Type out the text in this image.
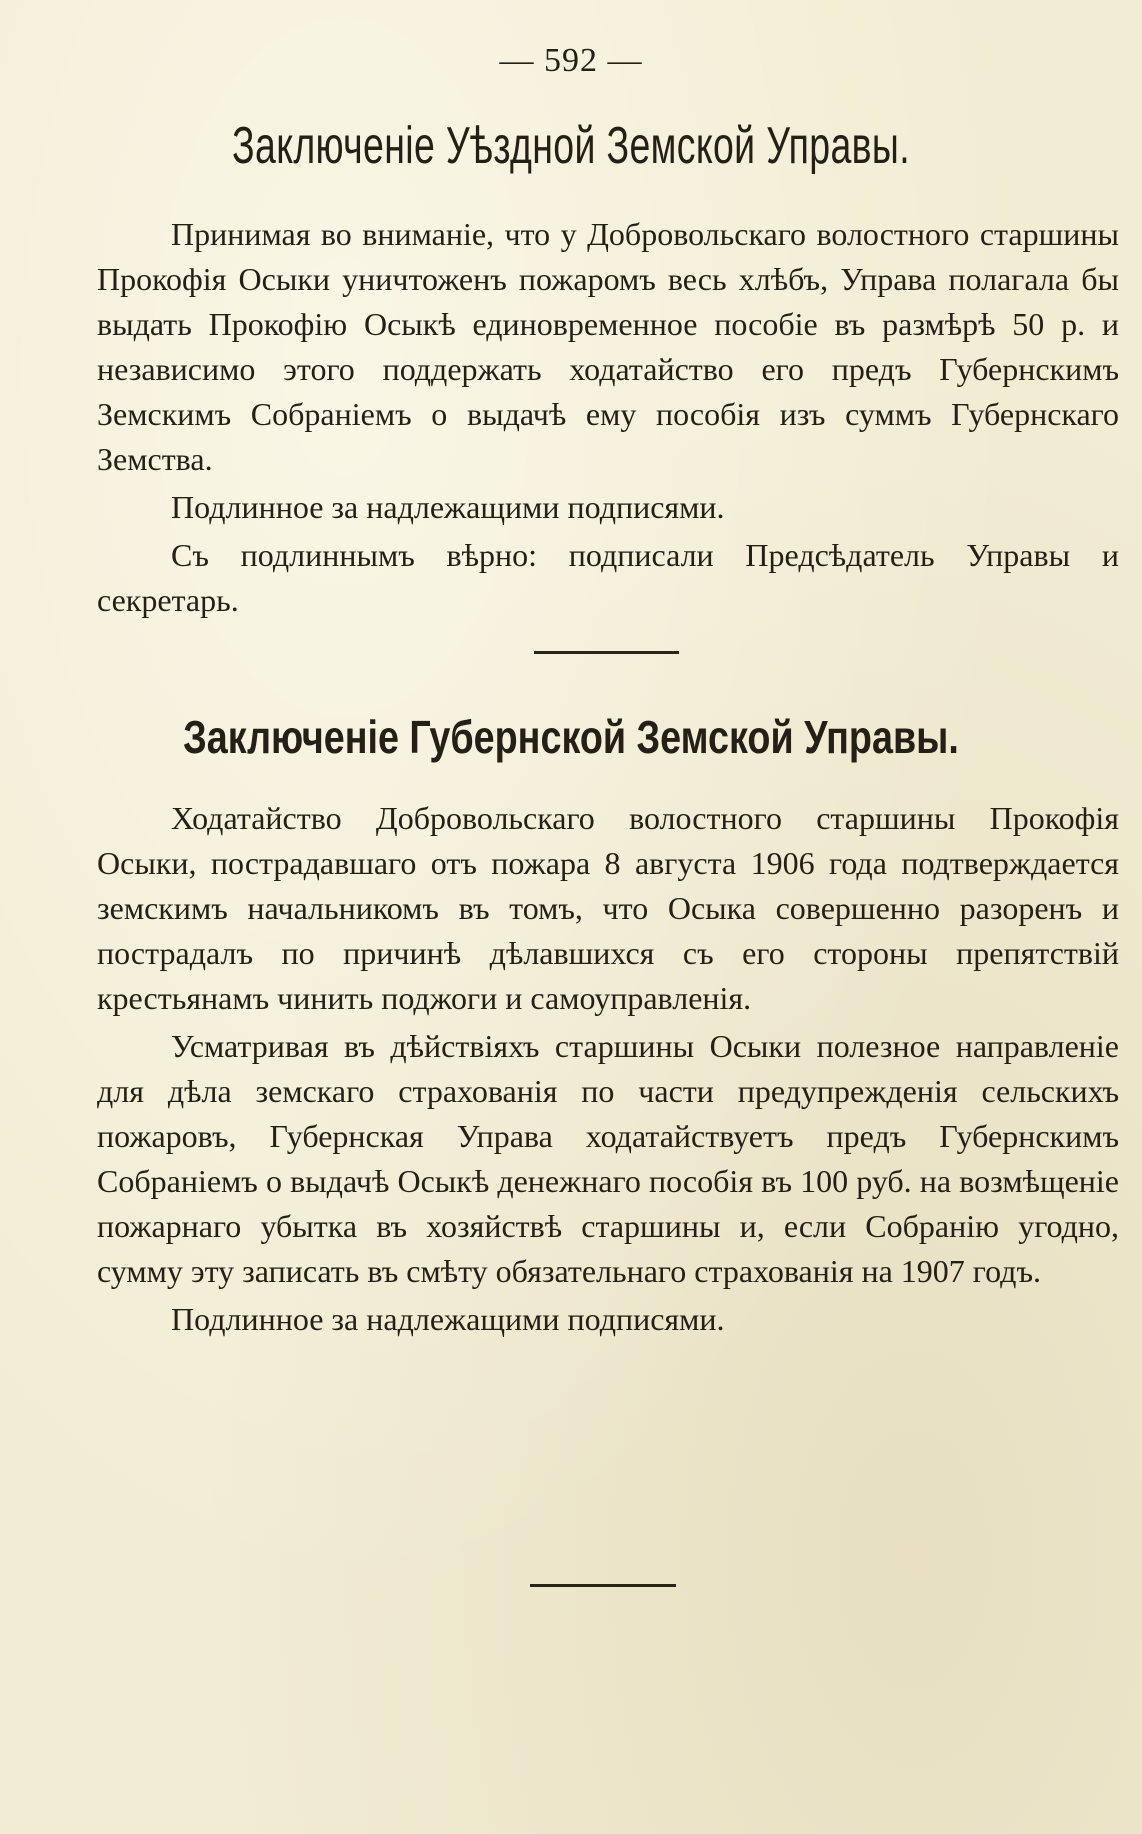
— 592 —
Заключеніе Уѣздной Земской Управы.

Принимая во вниманіе, что у Добровольскаго волостного старшины Прокофія Осыки уничтоженъ пожаромъ весь хлѣбъ, Управа полагала бы выдать Прокофію Осыкѣ единовременное пособіе въ размѣрѣ 50 р. и независимо этого поддержать ходатайство его предъ Губернскимъ Земскимъ Собраніемъ о выдачѣ ему пособія изъ суммъ Губернскаго Земства.

Подлинное за надлежащими подписями.

Съ подлиннымъ вѣрно: подписали Предсѣдатель Управы и секретарь.

Заключеніе Губернской Земской Управы.

Ходатайство Добровольскаго волостного старшины Прокофія Осыки, пострадавшаго отъ пожара 8 августа 1906 года подтверждается земскимъ начальникомъ въ томъ, что Осыка совершенно разоренъ и пострадалъ по причинѣ дѣлавшихся съ его стороны препятствій крестьянамъ чинить поджоги и самоуправленія.

Усматривая въ дѣйствіяхъ старшины Осыки полезное направленіе для дѣла земскаго страхованія по части предупрежденія сельскихъ пожаровъ, Губернская Управа ходатайствуетъ предъ Губернскимъ Собраніемъ о выдачѣ Осыкѣ денежнаго пособія въ 100 руб. на возмѣщеніе пожарнаго убытка въ хозяйствѣ старшины и, если Собранію угодно, сумму эту записать въ смѣту обязательнаго страхованія на 1907 годъ.

Подлинное за надлежащими подписями.
